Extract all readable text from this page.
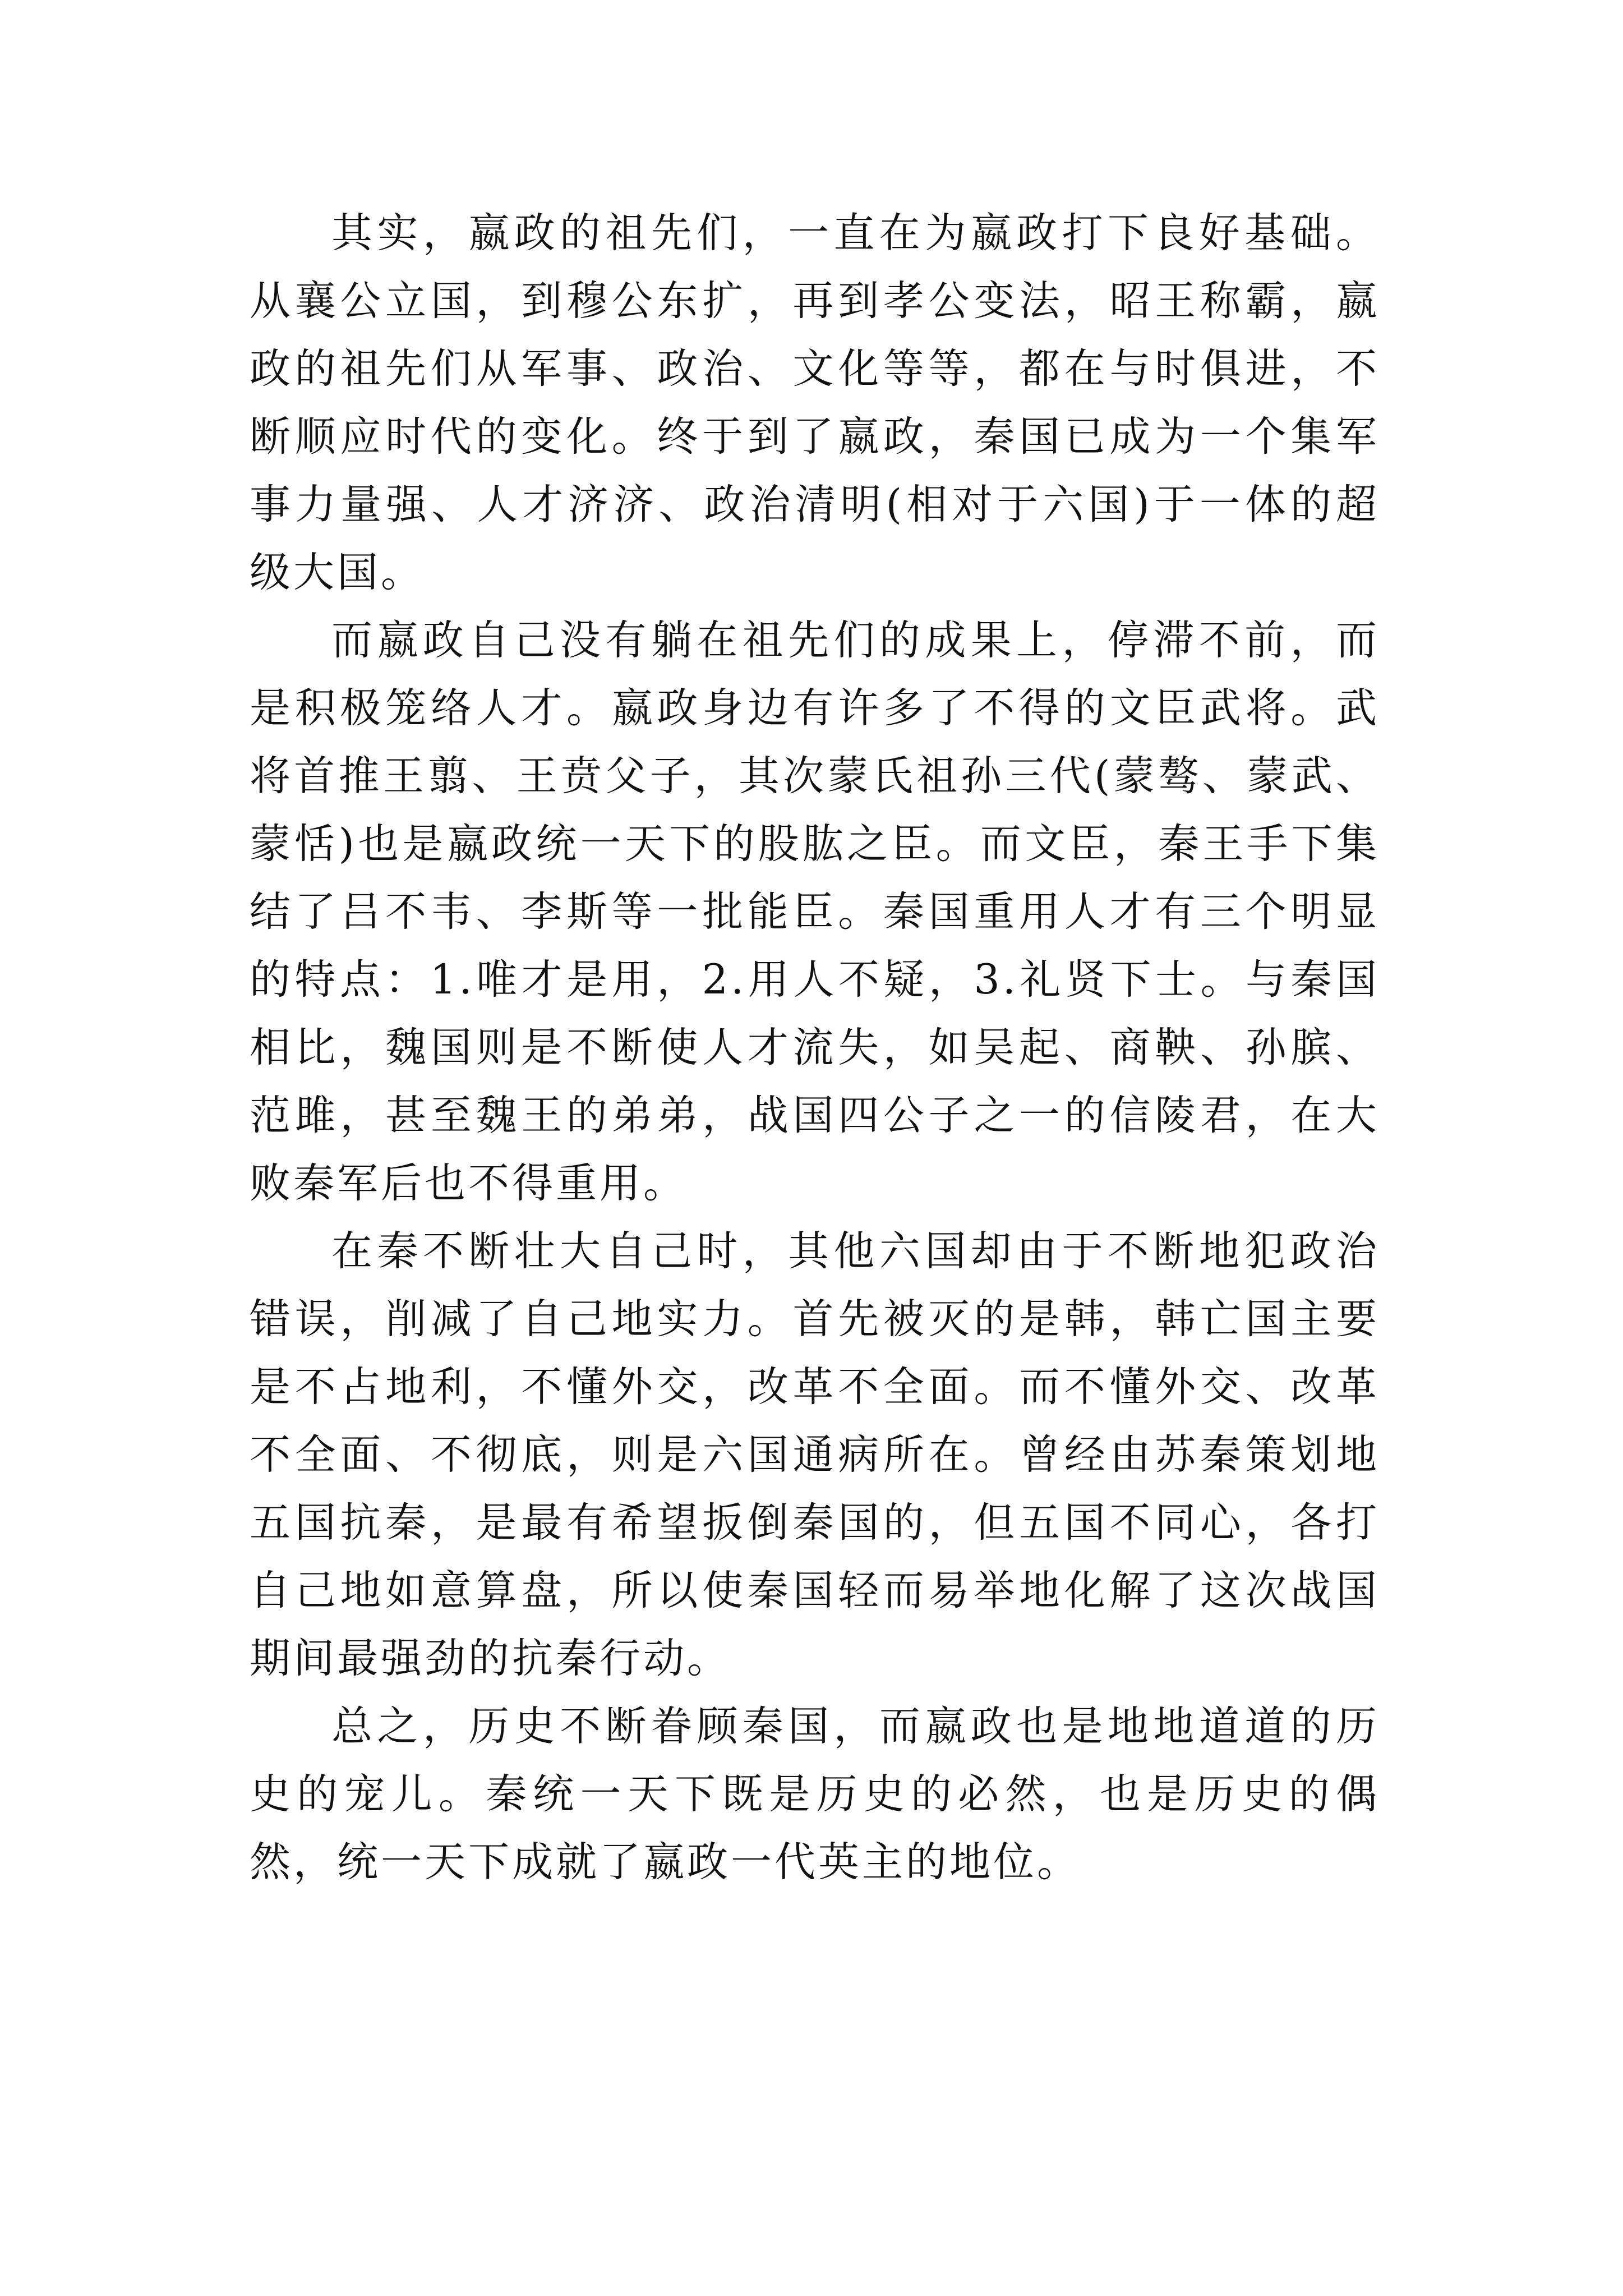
其实，嬴政的祖先们，一直在为嬴政打下良好基础。从襄公立国，到穆公东扩，再到孝公变法，昭王称霸，嬴政的祖先们从军事、政治、文化等等，都在与时俱进，不断顺应时代的变化。终于到了嬴政，秦国已成为一个集军事力量强、人才济济、政治清明(相对于六国)于一体的超级大国。

而嬴政自己没有躺在祖先们的成果上，停滞不前，而是积极笼络人才。嬴政身边有许多了不得的文臣武将。武将首推王翦、王贲父子，其次蒙氏祖孙三代(蒙骜、蒙武、蒙恬)也是嬴政统一天下的股肱之臣。而文臣，秦王手下集结了吕不韦、李斯等一批能臣。秦国重用人才有三个明显的特点：1.唯才是用，2.用人不疑，3.礼贤下士。与秦国相比，魏国则是不断使人才流失，如吴起、商鞅、孙膑、范雎，甚至魏王的弟弟，战国四公子之一的信陵君，在大败秦军后也不得重用。

在秦不断壮大自己时，其他六国却由于不断地犯政治错误，削减了自己地实力。首先被灭的是韩，韩亡国主要是不占地利，不懂外交，改革不全面。而不懂外交、改革不全面、不彻底，则是六国通病所在。曾经由苏秦策划地五国抗秦，是最有希望扳倒秦国的，但五国不同心，各打自己地如意算盘，所以使秦国轻而易举地化解了这次战国期间最强劲的抗秦行动。

总之，历史不断眷顾秦国，而嬴政也是地地道道的历史的宠儿。秦统一天下既是历史的必然，也是历史的偶然，统一天下成就了嬴政一代英主的地位。
